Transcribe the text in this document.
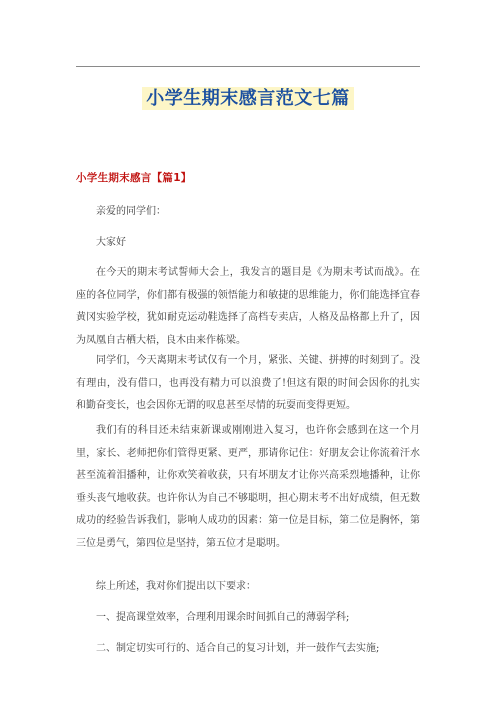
小学生期末感言范文七篇
小学生期末感言【篇1】

亲爱的同学们：

大家好

在今天的期末考试誓师大会上，我发言的题目是《为期末考试而战》。在座的各位同学，你们都有极强的领悟能力和敏捷的思维能力，你们能选择宜春黄冈实验学校，犹如耐克运动鞋选择了高档专卖店，人格及品格都上升了，因为凤凰自古栖大梧，良木由来作栋梁。

同学们，今天离期末考试仅有一个月，紧张、关键、拼搏的时刻到了。没有理由，没有借口，也再没有精力可以浪费了!但这有限的时间会因你的扎实和勤奋变长，也会因你无谓的叹息甚至尽情的玩耍而变得更短。

我们有的科目还未结束新课或刚刚进入复习，也许你会感到在这一个月里，家长、老师把你们管得更紧、更严，那请你记住：好朋友会让你流着汗水甚至流着泪播种，让你欢笑着收获，只有坏朋友才让你兴高采烈地播种，让你垂头丧气地收获。也许你认为自己不够聪明，担心期末考不出好成绩，但无数成功的经验告诉我们，影响人成功的因素：第一位是目标，第二位是胸怀，第三位是勇气，第四位是坚持，第五位才是聪明。

综上所述，我对你们提出以下要求：

一、提高课堂效率，合理利用课余时间抓自己的薄弱学科;

二、制定切实可行的、适合自己的复习计划，并一鼓作气去实施;
